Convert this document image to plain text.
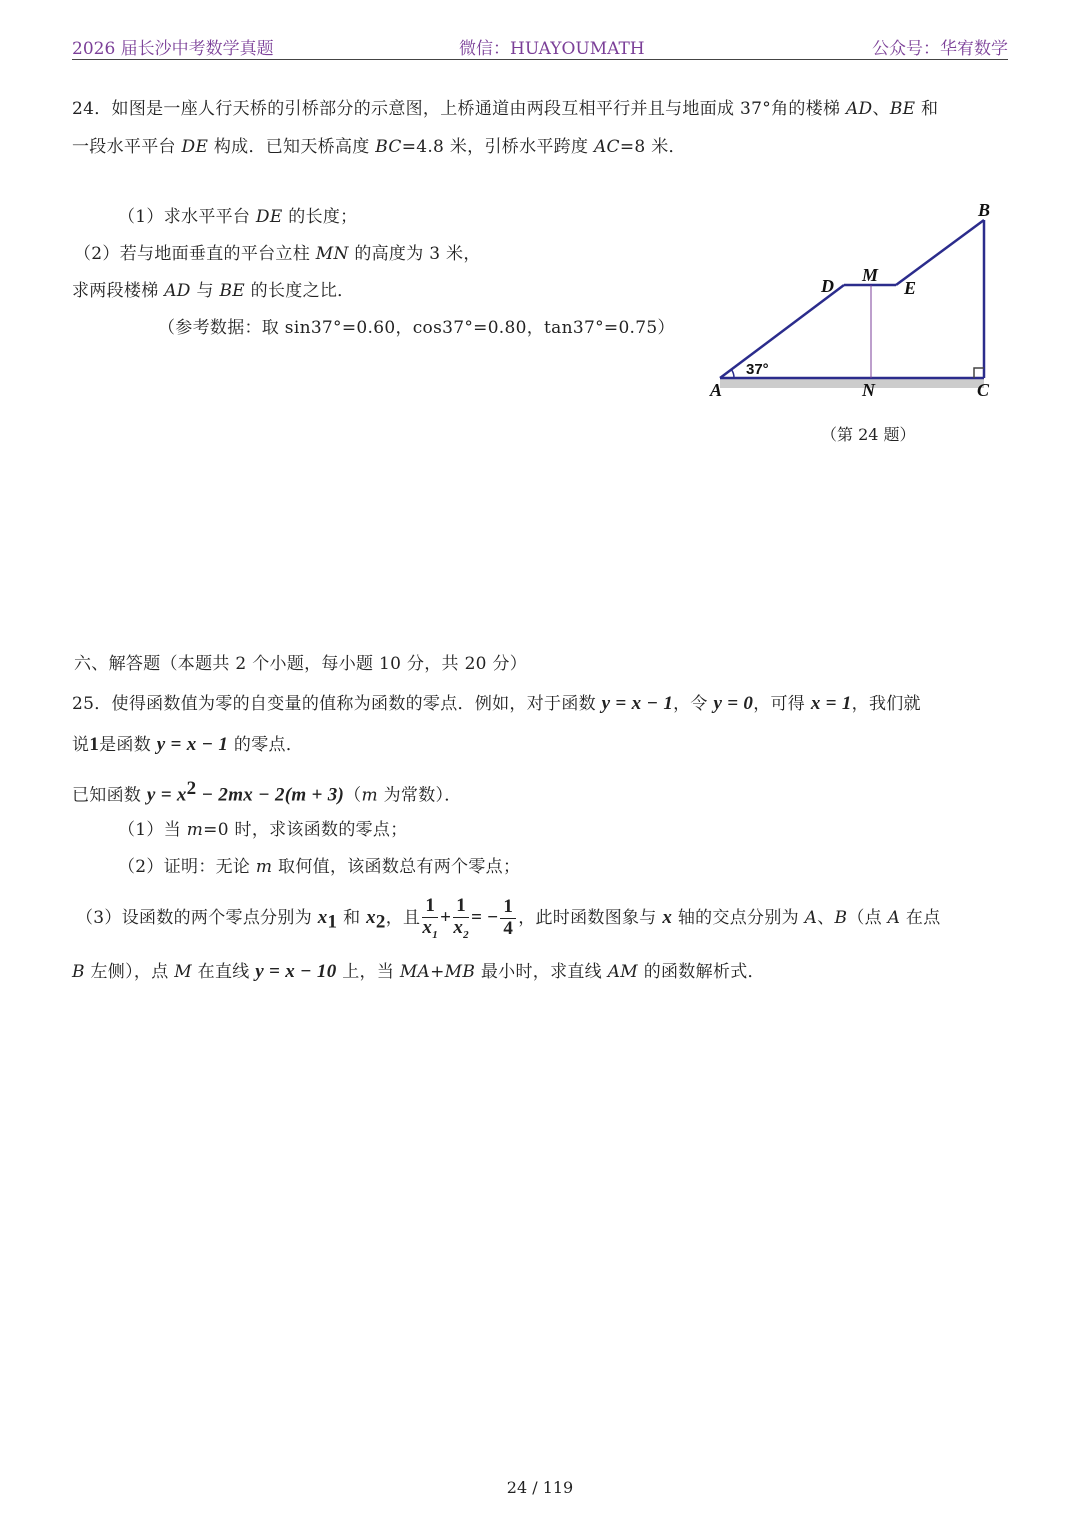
2026 届长沙中考数学真题	微信：HUAYOUMATH	公众号：华宥数学
24．如图是一座人行天桥的引桥部分的示意图，上桥通道由两段互相平行并且与地面成 37°角的楼梯 AD、BE 和
一段水平平台 DE 构成．已知天桥高度 BC=4.8 米，引桥水平跨度 AC=8 米．
（1）求水平平台 DE 的长度；
（2）若与地面垂直的平台立柱 MN 的高度为 3 米，
求两段楼梯 AD 与 BE 的长度之比．
（参考数据：取 sin37°=0.60，cos37°=0.80，tan37°=0.75）
37°
A
B
C
D	E
M
N
（第 24 题）
六、解答题（本题共 2 个小题，每小题 10 分，共 20 分）
25．使得函数值为零的自变量的值称为函数的零点．例如，对于函数 y = x − 1，令 y = 0，可得 x = 1，我们就
说1是函数 y = x − 1 的零点．
已知函数 $y = x^2 - 2mx - 2(m + 3)(m$ 为常数）．
（1）当 m=0 时，求该函数的零点；
（2）证明：无论 m 取何值，该函数总有两个零点；
（3）设函数的两个零点分别为 $x_1$ 和 $x_2$，且 $\frac{1}{x_1} + \frac{1}{x_2}$ = − $\frac{1}{4}$ ，此时函数图象与 x 轴的交点分别为 A、B（点 A 在点
B 左侧），点 M 在直线 y = x − 10 上，当 MA+MB 最小时，求直线 AM 的函数解析式．
24 / 119
